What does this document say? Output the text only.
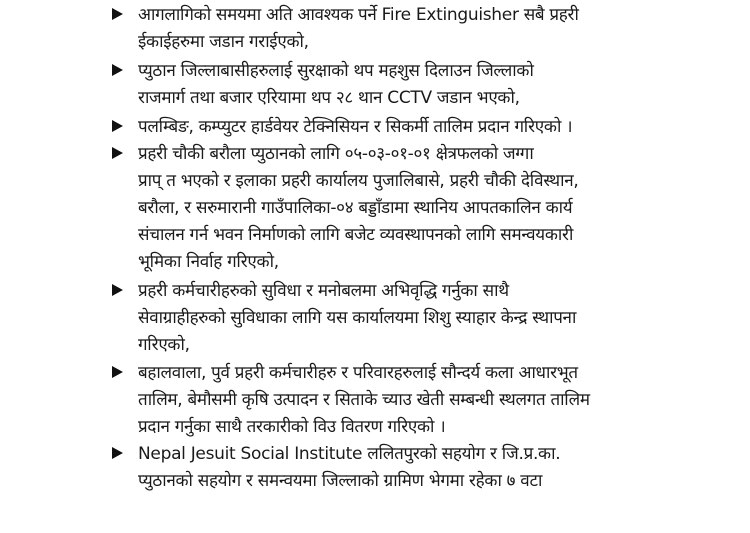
आगलागिको समयमा अति आवश्यक पर्ने Fire Extinguisher सबै प्रहरी
ईकाईहरुमा जडान गराईएको,
प्युठान जिल्लाबासीहरुलाई सुरक्षाको थप महशुस दिलाउन जिल्लाको
राजमार्ग तथा बजार एरियामा थप २८ थान CCTV जडान भएको,
पलम्बिङ, कम्प्युटर हार्डवेयर टेक्निसियन र सिकर्मी तालिम प्रदान गरिएको ।
प्रहरी चौकी बरौला प्युठानको लागि ०५-०३-०१-०१ क्षेत्रफलको जग्गा
प्राप् त भएको र इलाका प्रहरी कार्यालय पुजालिबासे, प्रहरी चौकी देविस्थान,
बरौला, र सरुमारानी गाउँपालिका-०४ बड्डाँडामा स्थानिय आपतकालिन कार्य
संचालन गर्न भवन निर्माणको लागि बजेट व्यवस्थापनको लागि समन्वयकारी
भूमिका निर्वाह गरिएको,
प्रहरी कर्मचारीहरुको सुविधा र मनोबलमा अभिवृद्धि गर्नुका साथै
सेवाग्राहीहरुको सुविधाका लागि यस कार्यालयमा शिशु स्याहार केन्द्र स्थापना
गरिएको,
बहालवाला, पुर्व प्रहरी कर्मचारीहरु र परिवारहरुलाई सौन्दर्य कला आधारभूत
तालिम, बेमौसमी कृषि उत्पादन र सिताके च्याउ खेती सम्बन्धी स्थलगत तालिम
प्रदान गर्नुका साथै तरकारीको विउ वितरण गरिएको ।
Nepal Jesuit Social Institute ललितपुरको सहयोग र जि.प्र.का.
प्युठानको सहयोग र समन्वयमा जिल्लाको ग्रामिण भेगमा रहेका ७ वटा
